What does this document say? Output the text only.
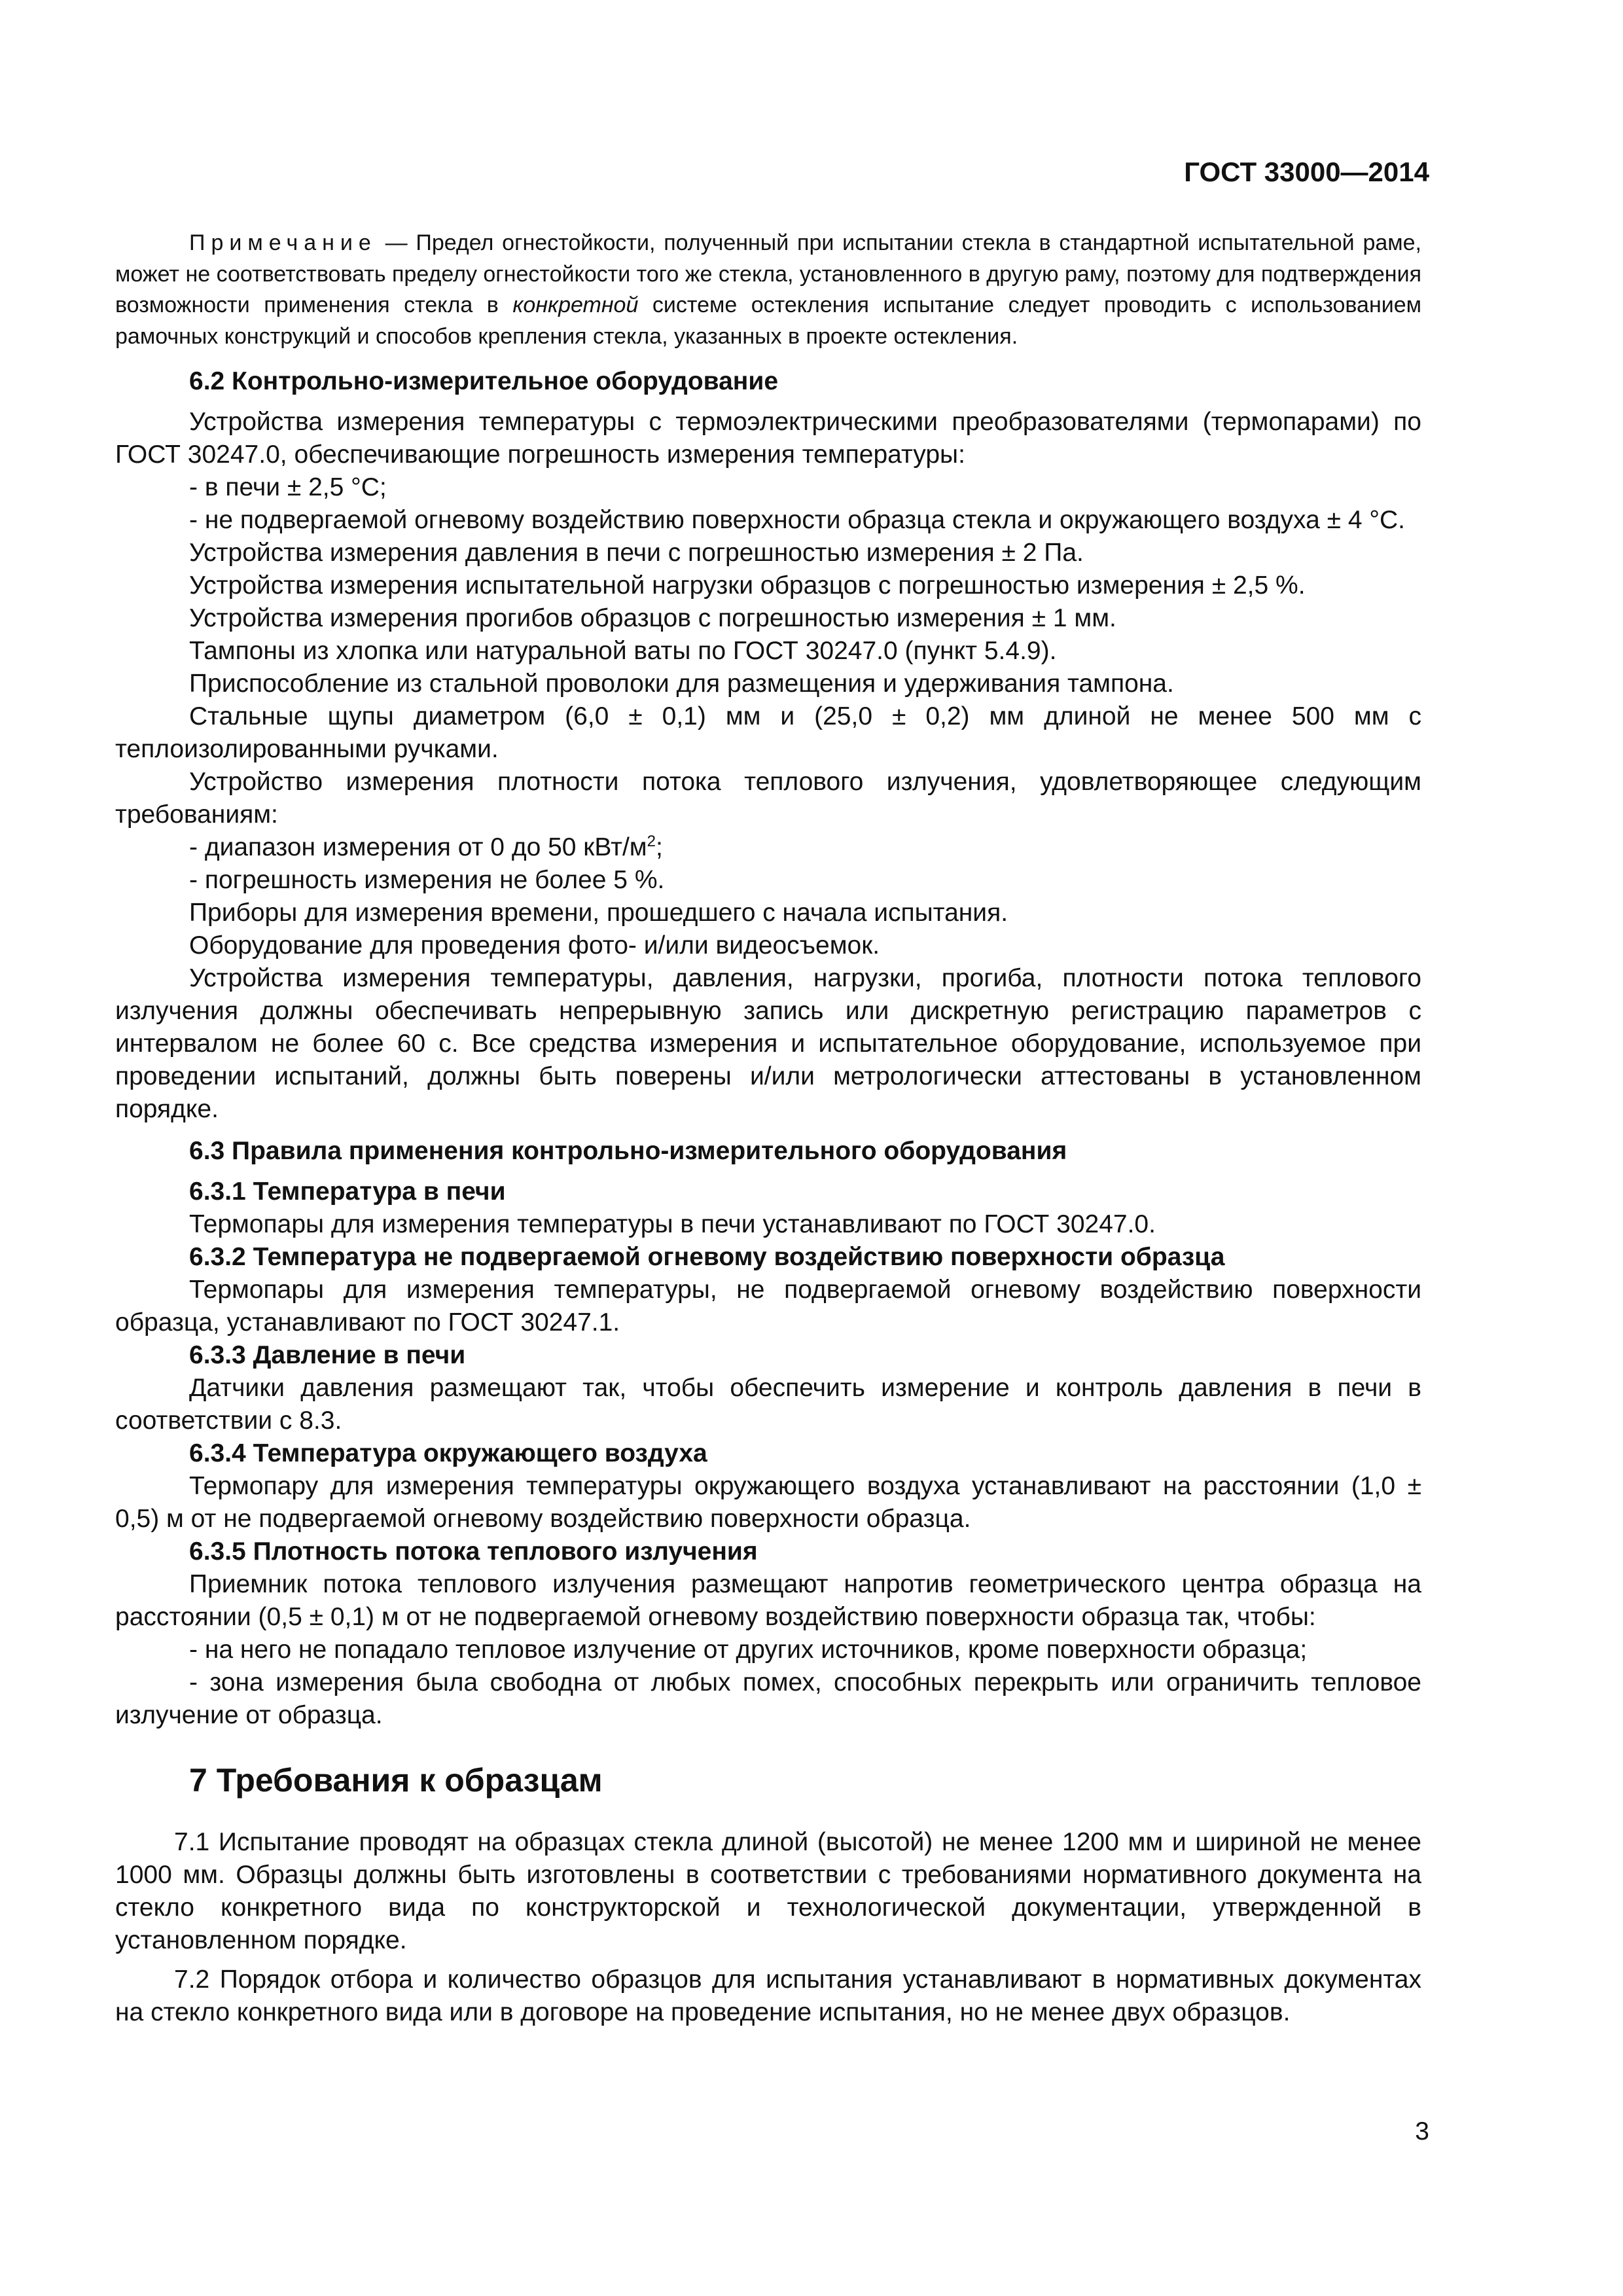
ГОСТ 33000—2014

Примечание — Предел огнестойкости, полученный при испытании стекла в стандартной испытательной раме, может не соответствовать пределу огнестойкости того же стекла, установленного в другую раму, поэтому для подтверждения возможности применения стекла в конкретной системе остекления испытание следует проводить с использованием рамочных конструкций и способов крепления стекла, указанных в проекте остекления.

6.2 Контрольно-измерительное оборудование

Устройства измерения температуры с термоэлектрическими преобразователями (термопарами) по ГОСТ 30247.0, обеспечивающие погрешность измерения температуры:

- в печи ± 2,5 °С;

- не подвергаемой огневому воздействию поверхности образца стекла и окружающего воздуха ± 4 °С.

Устройства измерения давления в печи с погрешностью измерения ± 2 Па.

Устройства измерения испытательной нагрузки образцов с погрешностью измерения ± 2,5 %.

Устройства измерения прогибов образцов с погрешностью измерения ± 1 мм.

Тампоны из хлопка или натуральной ваты по ГОСТ 30247.0 (пункт 5.4.9).

Приспособление из стальной проволоки для размещения и удерживания тампона.

Стальные щупы диаметром (6,0 ± 0,1) мм и (25,0 ± 0,2) мм длиной не менее 500 мм с теплоизолированными ручками.

Устройство измерения плотности потока теплового излучения, удовлетворяющее следующим требованиям:

- диапазон измерения от 0 до 50 кВт/$м^2$;

- погрешность измерения не более 5 %.

Приборы для измерения времени, прошедшего с начала испытания.

Оборудование для проведения фото- и/или видеосъемок.

Устройства измерения температуры, давления, нагрузки, прогиба, плотности потока теплового излучения должны обеспечивать непрерывную запись или дискретную регистрацию параметров с интервалом не более 60 с. Все средства измерения и испытательное оборудование, используемое при проведении испытаний, должны быть поверены и/или метрологически аттестованы в установленном порядке.

6.3 Правила применения контрольно-измерительного оборудования
6.3.1 Температура в печи

Термопары для измерения температуры в печи устанавливают по ГОСТ 30247.0.

6.3.2 Температура не подвергаемой огневому воздействию поверхности образца

Термопары для измерения температуры, не подвергаемой огневому воздействию поверхности образца, устанавливают по ГОСТ 30247.1.

6.3.3 Давление в печи

Датчики давления размещают так, чтобы обеспечить измерение и контроль давления в печи в соответствии с 8.3.

6.3.4 Температура окружающего воздуха

Термопару для измерения температуры окружающего воздуха устанавливают на расстоянии (1,0 ± 0,5) м от не подвергаемой огневому воздействию поверхности образца.

6.3.5 Плотность потока теплового излучения

Приемник потока теплового излучения размещают напротив геометрического центра образца на расстоянии (0,5 ± 0,1) м от не подвергаемой огневому воздействию поверхности образца так, чтобы:

- на него не попадало тепловое излучение от других источников, кроме поверхности образца;

- зона измерения была свободна от любых помех, способных перекрыть или ограничить тепловое излучение от образца.

7 Требования к образцам

7.1 Испытание проводят на образцах стекла длиной (высотой) не менее 1200 мм и шириной не менее 1000 мм. Образцы должны быть изготовлены в соответствии с требованиями нормативного документа на стекло конкретного вида по конструкторской и технологической документации, утвержденной в установленном порядке.

7.2 Порядок отбора и количество образцов для испытания устанавливают в нормативных документах на стекло конкретного вида или в договоре на проведение испытания, но не менее двух образцов.

3
